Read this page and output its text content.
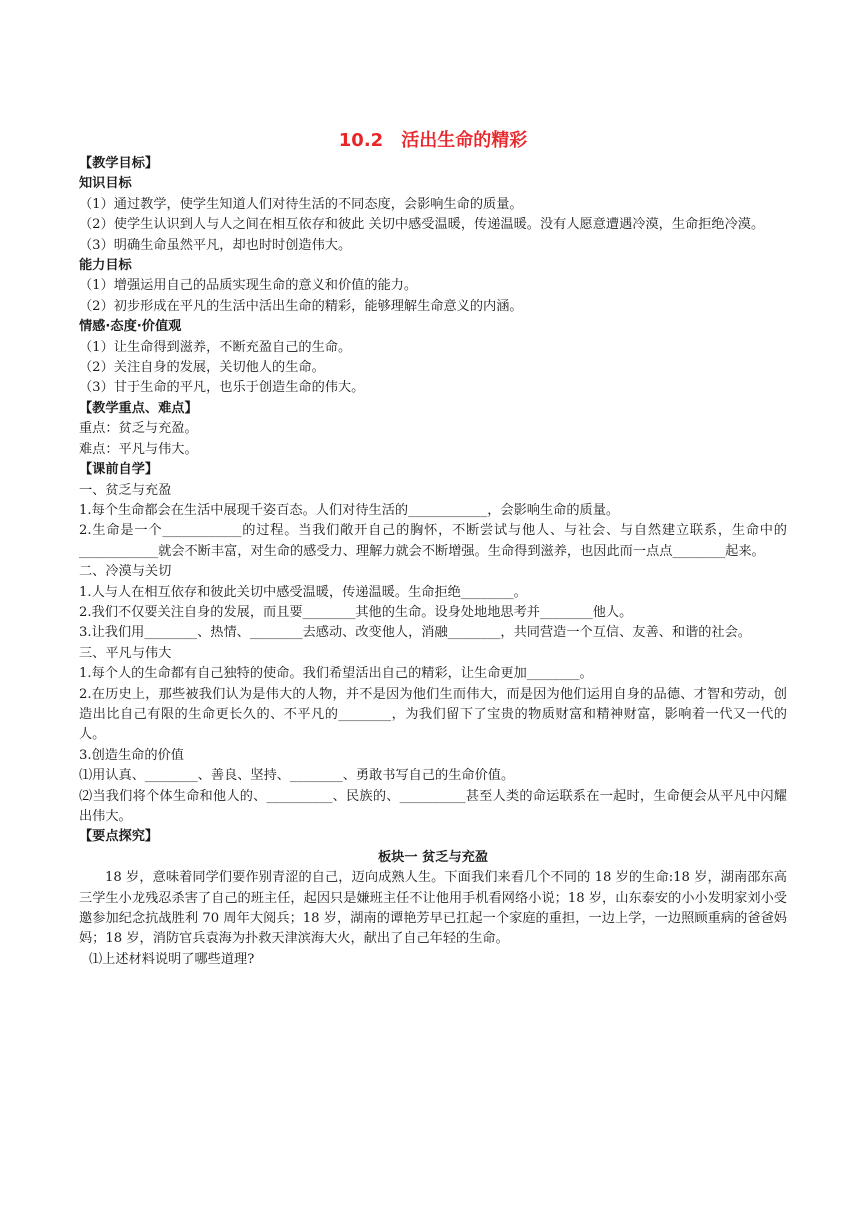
10.2　活出生命的精彩
【教学目标】
知识目标
（1）通过教学，使学生知道人们对待生活的不同态度，会影响生命的质量。
（2）使学生认识到人与人之间在相互依存和彼此 关切中感受温暖，传递温暖。没有人愿意遭遇冷漠，生命拒绝冷漠。
（3）明确生命虽然平凡，却也时时创造伟大。
能力目标
（1）增强运用自己的品质实现生命的意义和价值的能力。
（2）初步形成在平凡的生活中活出生命的精彩，能够理解生命意义的内涵。
情感·态度·价值观
（1）让生命得到滋养，不断充盈自己的生命。
（2）关注自身的发展，关切他人的生命。
（3）甘于生命的平凡，也乐于创造生命的伟大。
【教学重点、难点】
重点：贫乏与充盈。
难点：平凡与伟大。
【课前自学】
一、贫乏与充盈
1.每个生命都会在生活中展现千姿百态。人们对待生活的____________，会影响生命的质量。
2.生命是一个____________的过程。当我们敞开自己的胸怀，不断尝试与他人、与社会、与自然建立联系，生命中的____________就会不断丰富，对生命的感受力、理解力就会不断增强。生命得到滋养，也因此而一点点________起来。
二、冷漠与关切
1.人与人在相互依存和彼此关切中感受温暖，传递温暖。生命拒绝________。
2.我们不仅要关注自身的发展，而且要________其他的生命。设身处地地思考并________他人。
3.让我们用________、热情、________去感动、改变他人，消融________，共同营造一个互信、友善、和谐的社会。
三、平凡与伟大
1.每个人的生命都有自己独特的使命。我们希望活出自己的精彩，让生命更加________。
2.在历史上，那些被我们认为是伟大的人物，并不是因为他们生而伟大，而是因为他们运用自身的品德、才智和劳动，创造出比自己有限的生命更长久的、不平凡的________，为我们留下了宝贵的物质财富和精神财富，影响着一代又一代的人。
3.创造生命的价值
⑴用认真、________、善良、坚持、________、勇敢书写自己的生命价值。
⑵当我们将个体生命和他人的、__________、民族的、__________甚至人类的命运联系在一起时，生命便会从平凡中闪耀出伟大。
【要点探究】
板块一 贫乏与充盈
18 岁，意味着同学们要作别青涩的自己，迈向成熟人生。下面我们来看几个不同的 18 岁的生命:18 岁，湖南邵东高三学生小龙残忍杀害了自己的班主任，起因只是嫌班主任不让他用手机看网络小说；18 岁，山东泰安的小小发明家刘小受邀参加纪念抗战胜利 70 周年大阅兵；18 岁，湖南的谭艳芳早已扛起一个家庭的重担，一边上学，一边照顾重病的爸爸妈妈；18 岁，消防官兵袁海为扑救天津滨海大火，献出了自己年轻的生命。
⑴上述材料说明了哪些道理?
